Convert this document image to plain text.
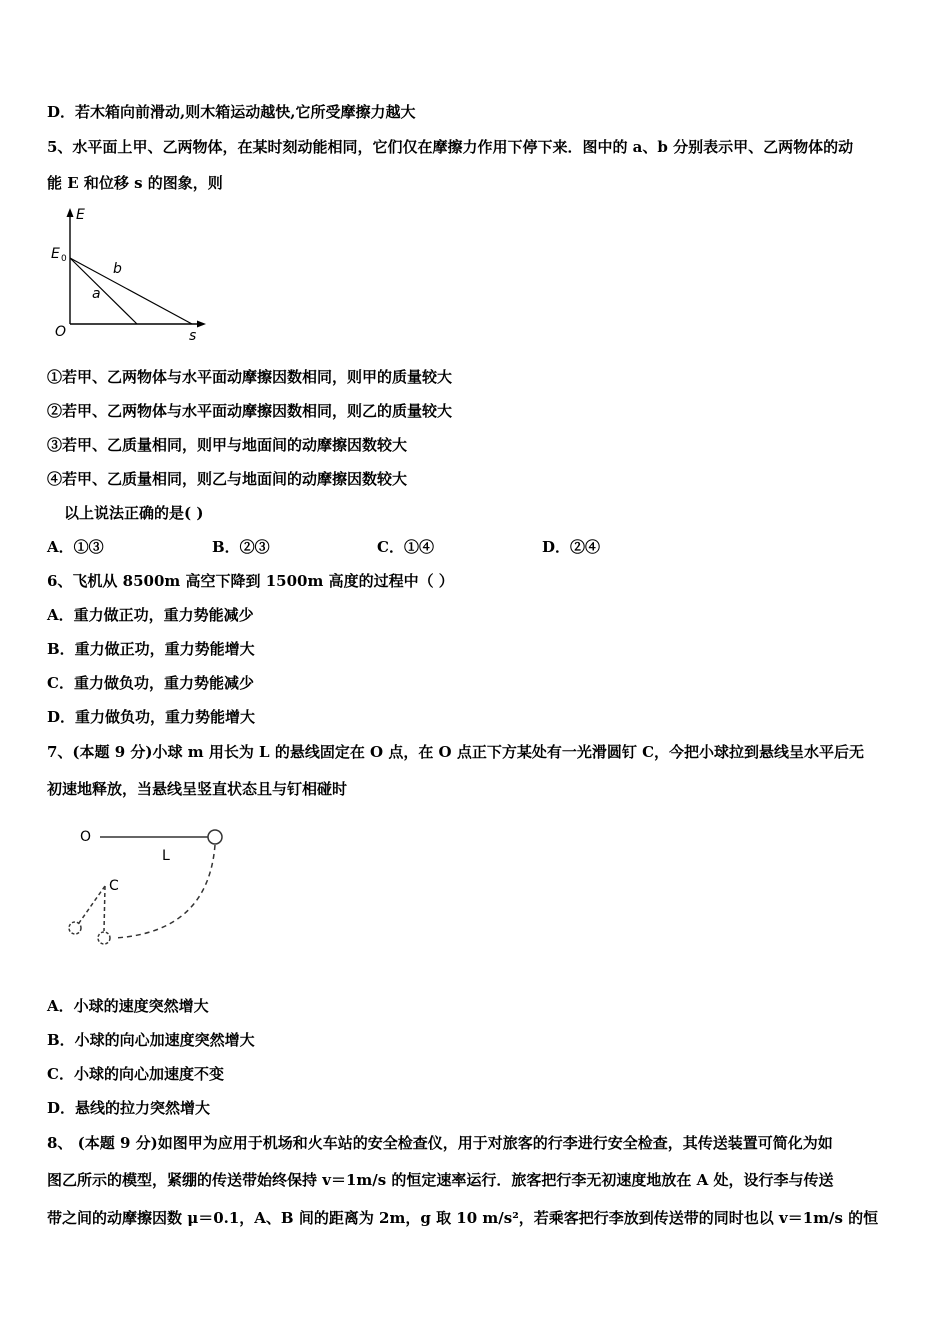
D．若木箱向前滑动,则木箱运动越快,它所受摩擦力越大
5、水平面上甲、乙两物体，在某时刻动能相同，它们仅在摩擦力作用下停下来．图中的 a、b 分别表示甲、乙两物体的动
能 E 和位移 s 的图象，则
E
E 0
b
a
O	s
①若甲、乙两物体与水平面动摩擦因数相同，则甲的质量较大
②若甲、乙两物体与水平面动摩擦因数相同，则乙的质量较大
③若甲、乙质量相同，则甲与地面间的动摩擦因数较大
④若甲、乙质量相同，则乙与地面间的动摩擦因数较大
以上说法正确的是( )
A．①③	B．②③	C．①④	D．②④
6、飞机从 8500m 高空下降到 1500m 高度的过程中（ ）
A．重力做正功，重力势能减少
B．重力做正功，重力势能增大
C．重力做负功，重力势能减少
D．重力做负功，重力势能增大
7、(本题 9 分)小球 m 用长为 L 的悬线固定在 O 点，在 O 点正下方某处有一光滑圆钉 C，今把小球拉到悬线呈水平后无
初速地释放，当悬线呈竖直状态且与钉相碰时
O
L
C
A．小球的速度突然增大
B．小球的向心加速度突然增大
C．小球的向心加速度不变
D．悬线的拉力突然增大
8、 (本题 9 分)如图甲为应用于机场和火车站的安全检查仪，用于对旅客的行李进行安全检查，其传送装置可简化为如
图乙所示的模型，紧绷的传送带始终保持 v＝1m/s 的恒定速率运行．旅客把行李无初速度地放在 A 处，设行李与传送
带之间的动摩擦因数 μ＝0.1，A、B 间的距离为 2m，g 取 10 m/s²，若乘客把行李放到传送带的同时也以 v＝1m/s 的恒
